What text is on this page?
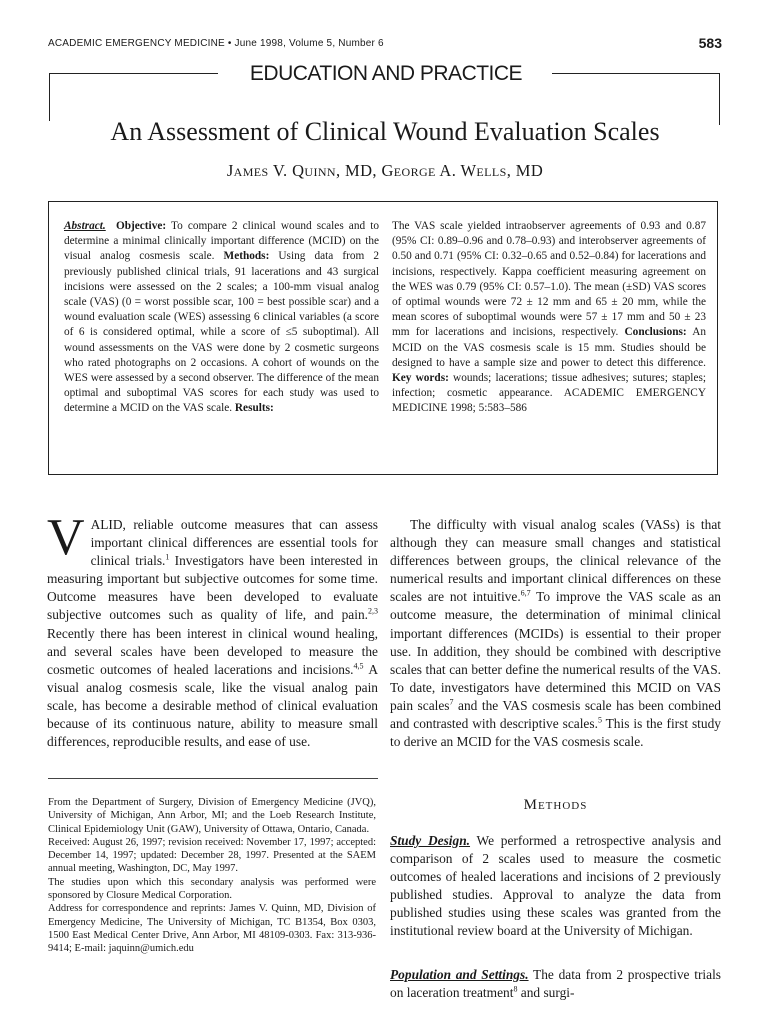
ACADEMIC EMERGENCY MEDICINE • June 1998, Volume 5, Number 6	583
EDUCATION AND PRACTICE
An Assessment of Clinical Wound Evaluation Scales
James V. Quinn, MD, George A. Wells, MD
Abstract. Objective: To compare 2 clinical wound scales and to determine a minimal clinically important difference (MCID) on the visual analog cosmesis scale. Methods: Using data from 2 previously published clinical trials, 91 lacerations and 43 surgical incisions were assessed on the 2 scales; a 100-mm visual analog scale (VAS) (0 = worst possible scar, 100 = best possible scar) and a wound evaluation scale (WES) assessing 6 clinical variables (a score of 6 is considered optimal, while a score of ≤5 suboptimal). All wound assessments on the VAS were done by 2 cosmetic surgeons who rated photographs on 2 occasions. A cohort of wounds on the WES were assessed by a second observer. The difference of the mean optimal and suboptimal VAS scores for each study was used to determine a MCID on the VAS scale. Results:
The VAS scale yielded intraobserver agreements of 0.93 and 0.87 (95% CI: 0.89–0.96 and 0.78–0.93) and interobserver agreements of 0.50 and 0.71 (95% CI: 0.32–0.65 and 0.52–0.84) for lacerations and incisions, respectively. Kappa coefficient measuring agreement on the WES was 0.79 (95% CI: 0.57–1.0). The mean (±SD) VAS scores of optimal wounds were 72 ± 12 mm and 65 ± 20 mm, while the mean scores of suboptimal wounds were 57 ± 17 mm and 50 ± 23 mm for lacerations and incisions, respectively. Conclusions: An MCID on the VAS cosmesis scale is 15 mm. Studies should be designed to have a sample size and power to detect this difference. Key words: wounds; lacerations; tissue adhesives; sutures; staples; infection; cosmetic appearance. ACADEMIC EMERGENCY MEDICINE 1998; 5:583–586

VALID, reliable outcome measures that can assess important clinical differences are essential tools for clinical trials.$^1$ Investigators have been interested in measuring important but subjective outcomes for some time. Outcome measures have been developed to evaluate subjective outcomes such as quality of life, and pain.$^{2,3}$ Recently there has been interest in clinical wound healing, and several scales have been developed to measure the cosmetic outcomes of healed lacerations and incisions.$^{4,5}$ A visual analog cosmesis scale, like the visual analog pain scale, has become a desirable method of clinical evaluation because of its continuous nature, ability to measure small differences, reproducible results, and ease of use.

From the Department of Surgery, Division of Emergency Medicine (JVQ), University of Michigan, Ann Arbor, MI; and the Loeb Research Institute, Clinical Epidemiology Unit (GAW), University of Ottawa, Ontario, Canada.

Received: August 26, 1997; revision received: November 17, 1997; accepted: December 14, 1997; updated: December 28, 1997. Presented at the SAEM annual meeting, Washington, DC, May 1997.

The studies upon which this secondary analysis was performed were sponsored by Closure Medical Corporation.

Address for correspondence and reprints: James V. Quinn, MD, Division of Emergency Medicine, The University of Michigan, TC B1354, Box 0303, 1500 East Medical Center Drive, Ann Arbor, MI 48109-0303. Fax: 313-936-9414; E-mail: jaquinn@umich.edu

The difficulty with visual analog scales (VASs) is that although they can measure small changes and statistical differences between groups, the clinical relevance of the numerical results and important clinical differences on these scales are not intuitive.$^{6,7}$ To improve the VAS scale as an outcome measure, the determination of minimal clinical important differences (MCIDs) is essential to their proper use. In addition, they should be combined with descriptive scales that can better define the numerical results of the VAS. To date, investigators have determined this MCID on VAS pain scales$^7$ and the VAS cosmesis scale has been combined and contrasted with descriptive scales.$^5$ This is the first study to derive an MCID for the VAS cosmesis scale.

Methods
Study Design. We performed a retrospective analysis and comparison of 2 scales used to measure the cosmetic outcomes of healed lacerations and incisions of 2 previously published studies. Approval to analyze the data from published studies using these scales was granted from the institutional review board at the University of Michigan.
Population and Settings. The data from 2 prospective trials on laceration treatment$^8$ and surgi-
